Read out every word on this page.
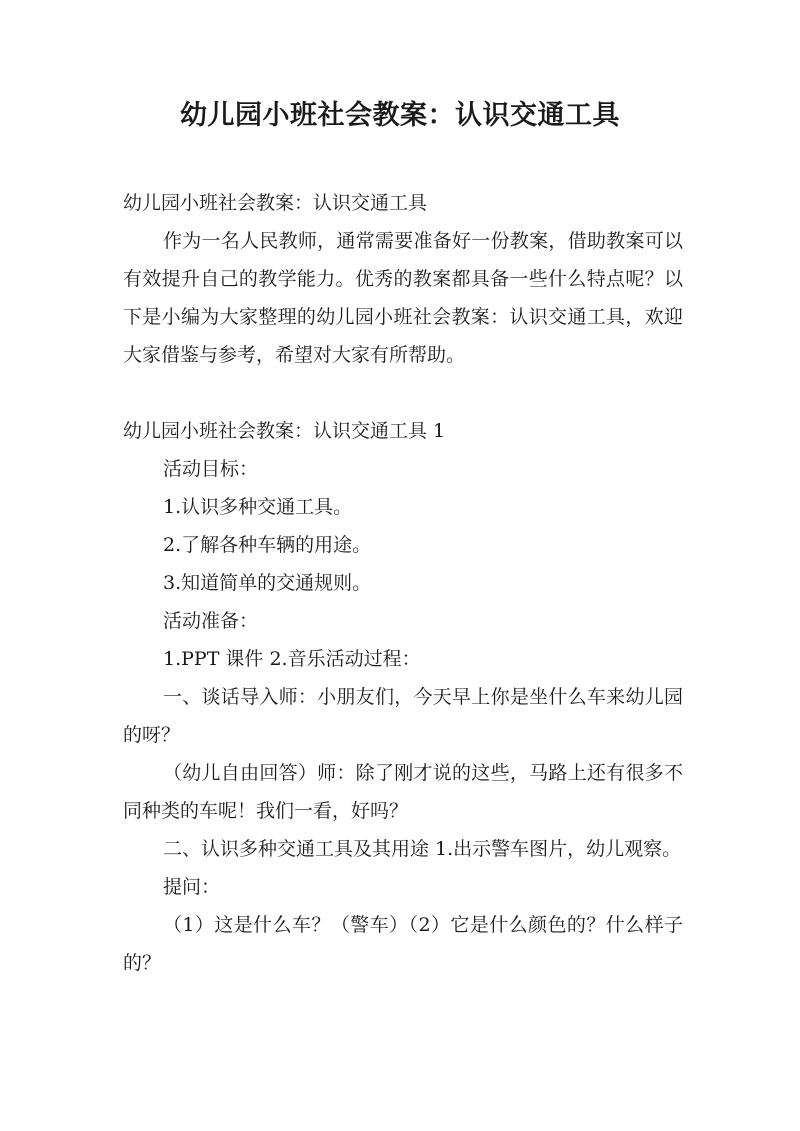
幼儿园小班社会教案：认识交通工具

幼儿园小班社会教案：认识交通工具

作为一名人民教师，通常需要准备好一份教案，借助教案可以有效提升自己的教学能力。优秀的教案都具备一些什么特点呢？以下是小编为大家整理的幼儿园小班社会教案：认识交通工具，欢迎大家借鉴与参考，希望对大家有所帮助。

幼儿园小班社会教案：认识交通工具 1

活动目标：

1.认识多种交通工具。

2.了解各种车辆的用途。

3.知道简单的交通规则。

活动准备：

1.PPT 课件 2.音乐活动过程：

一、谈话导入师：小朋友们，今天早上你是坐什么车来幼儿园的呀？

（幼儿自由回答）师：除了刚才说的这些，马路上还有很多不同种类的车呢！我们一看，好吗？

二、认识多种交通工具及其用途 1.出示警车图片，幼儿观察。

提问：

（1）这是什么车？（警车）（2）它是什么颜色的？什么样子的？
